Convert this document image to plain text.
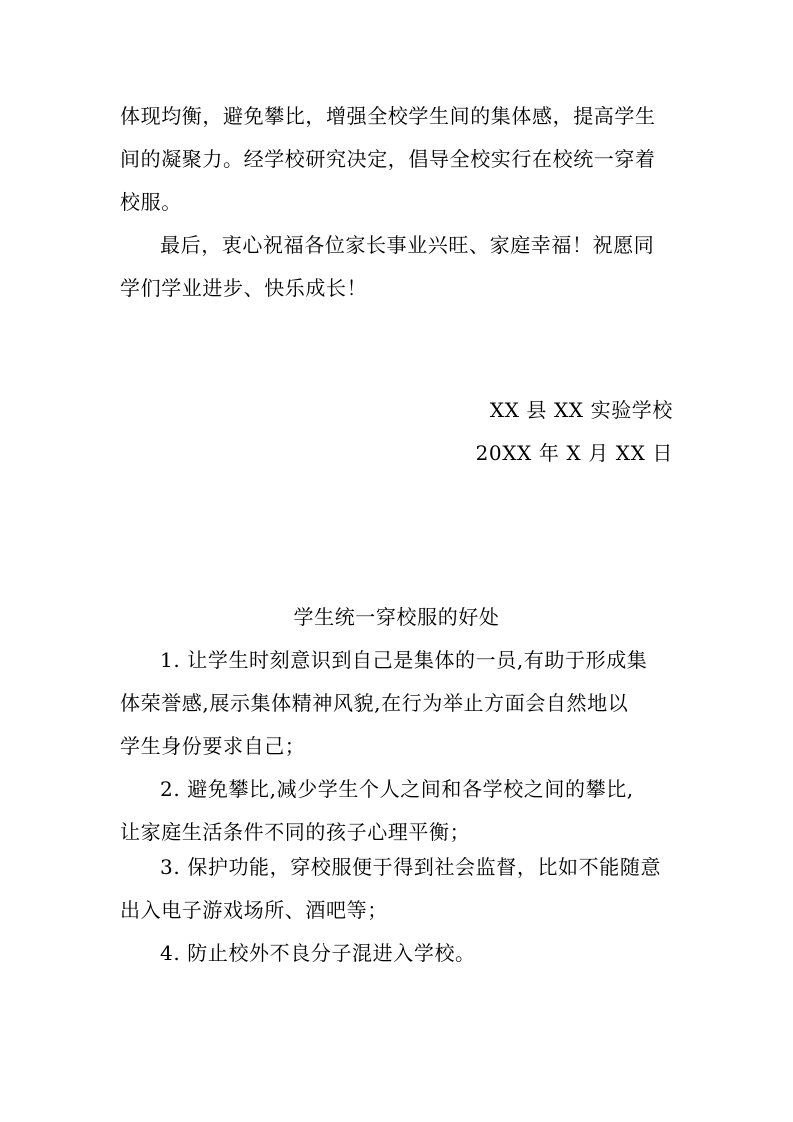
体现均衡，避免攀比，增强全校学生间的集体感，提高学生
间的凝聚力。经学校研究决定，倡导全校实行在校统一穿着
校服。
最后，衷心祝福各位家长事业兴旺、家庭幸福！祝愿同
学们学业进步、快乐成长！
XX 县 XX 实验学校
20XX 年 X 月 XX 日
学生统一穿校服的好处
1. 让学生时刻意识到自己是集体的一员,有助于形成集
体荣誉感,展示集体精神风貌,在行为举止方面会自然地以
学生身份要求自己；
2. 避免攀比,减少学生个人之间和各学校之间的攀比,
让家庭生活条件不同的孩子心理平衡；
3. 保护功能，穿校服便于得到社会监督，比如不能随意
出入电子游戏场所、酒吧等；
4. 防止校外不良分子混进入学校。
